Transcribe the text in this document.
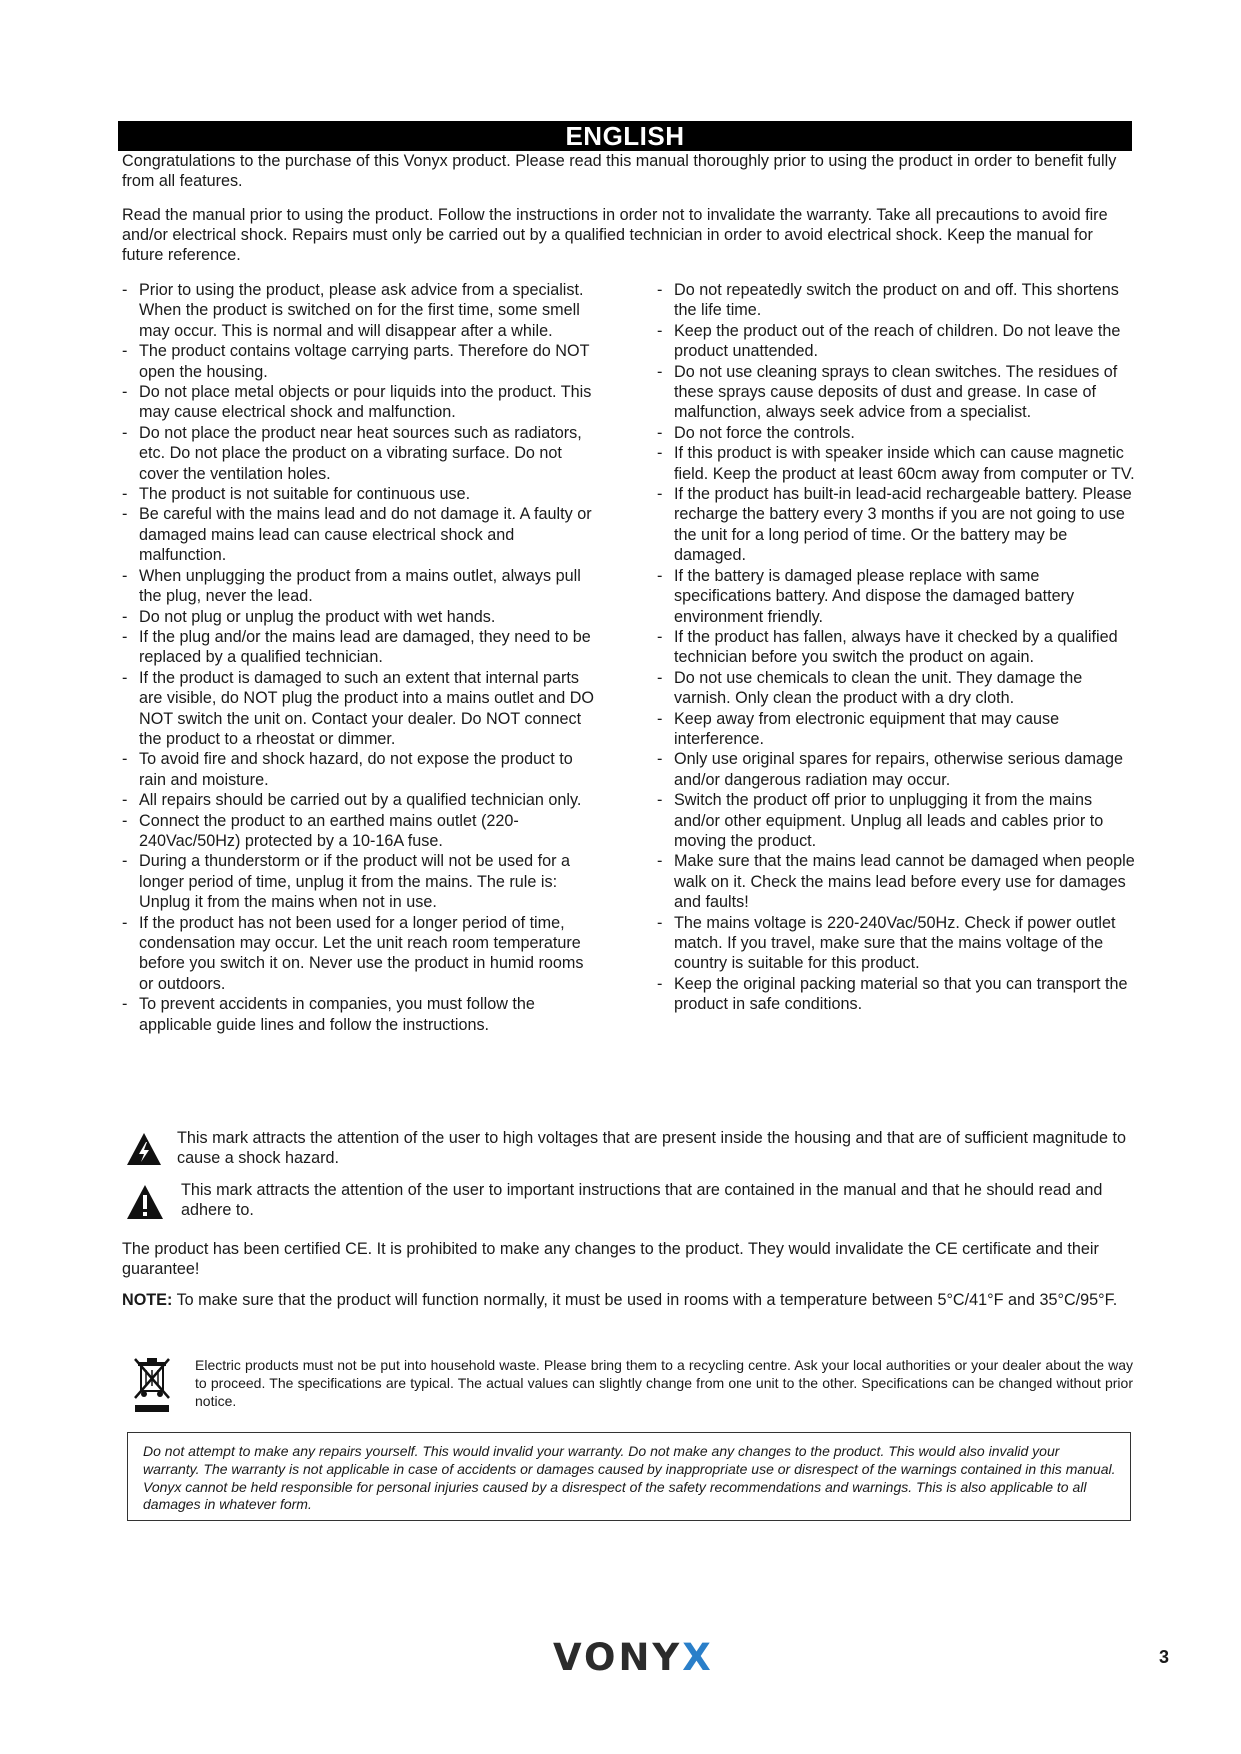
ENGLISH

Congratulations to the purchase of this Vonyx product. Please read this manual thoroughly prior to using the product in order to benefit fully from all features.

Read the manual prior to using the product. Follow the instructions in order not to invalidate the warranty. Take all precautions to avoid fire and/or electrical shock. Repairs must only be carried out by a qualified technician in order to avoid electrical shock. Keep the manual for future reference.

- Prior to using the product, please ask advice from a specialist. When the product is switched on for the first time, some smell may occur. This is normal and will disappear after a while.
- The product contains voltage carrying parts. Therefore do NOT open the housing.
- Do not place metal objects or pour liquids into the product. This may cause electrical shock and malfunction.
- Do not place the product near heat sources such as radiators, etc. Do not place the product on a vibrating surface. Do not cover the ventilation holes.
- The product is not suitable for continuous use.
- Be careful with the mains lead and do not damage it. A faulty or damaged mains lead can cause electrical shock and malfunction.
- When unplugging the product from a mains outlet, always pull the plug, never the lead.
- Do not plug or unplug the product with wet hands.
- If the plug and/or the mains lead are damaged, they need to be replaced by a qualified technician.
- If the product is damaged to such an extent that internal parts are visible, do NOT plug the product into a mains outlet and DO NOT switch the unit on. Contact your dealer. Do NOT connect the product to a rheostat or dimmer.
- To avoid fire and shock hazard, do not expose the product to rain and moisture.
- All repairs should be carried out by a qualified technician only.
- Connect the product to an earthed mains outlet (220-240Vac/50Hz) protected by a 10-16A fuse.
- During a thunderstorm or if the product will not be used for a longer period of time, unplug it from the mains. The rule is: Unplug it from the mains when not in use.
- If the product has not been used for a longer period of time, condensation may occur. Let the unit reach room temperature before you switch it on. Never use the product in humid rooms or outdoors.
- To prevent accidents in companies, you must follow the applicable guide lines and follow the instructions.
- Do not repeatedly switch the product on and off. This shortens the life time.
- Keep the product out of the reach of children. Do not leave the product unattended.
- Do not use cleaning sprays to clean switches. The residues of these sprays cause deposits of dust and grease. In case of malfunction, always seek advice from a specialist.
- Do not force the controls.
- If this product is with speaker inside which can cause magnetic field. Keep the product at least 60cm away from computer or TV.
- If the product has built-in lead-acid rechargeable battery. Please recharge the battery every 3 months if you are not going to use the unit for a long period of time. Or the battery may be damaged.
- If the battery is damaged please replace with same specifications battery. And dispose the damaged battery environment friendly.
- If the product has fallen, always have it checked by a qualified technician before you switch the product on again.
- Do not use chemicals to clean the unit. They damage the varnish. Only clean the product with a dry cloth.
- Keep away from electronic equipment that may cause interference.
- Only use original spares for repairs, otherwise serious damage and/or dangerous radiation may occur.
- Switch the product off prior to unplugging it from the mains and/or other equipment. Unplug all leads and cables prior to moving the product.
- Make sure that the mains lead cannot be damaged when people walk on it. Check the mains lead before every use for damages and faults!
- The mains voltage is 220-240Vac/50Hz. Check if power outlet match. If you travel, make sure that the mains voltage of the country is suitable for this product.
- Keep the original packing material so that you can transport the product in safe conditions.
This mark attracts the attention of the user to high voltages that are present inside the housing and that are of sufficient magnitude to cause a shock hazard.
This mark attracts the attention of the user to important instructions that are contained in the manual and that he should read and adhere to.

The product has been certified CE. It is prohibited to make any changes to the product. They would invalidate the CE certificate and their guarantee!

NOTE: To make sure that the product will function normally, it must be used in rooms with a temperature between 5°C/41°F and 35°C/95°F.

Electric products must not be put into household waste. Please bring them to a recycling centre. Ask your local authorities or your dealer about the way to proceed. The specifications are typical. The actual values can slightly change from one unit to the other. Specifications can be changed without prior notice.
Do not attempt to make any repairs yourself. This would invalid your warranty. Do not make any changes to the product. This would also invalid your warranty. The warranty is not applicable in case of accidents or damages caused by inappropriate use or disrespect of the warnings contained in this manual. Vonyx cannot be held responsible for personal injuries caused by a disrespect of the safety recommendations and warnings. This is also applicable to all damages in whatever form.
VONYX	3
